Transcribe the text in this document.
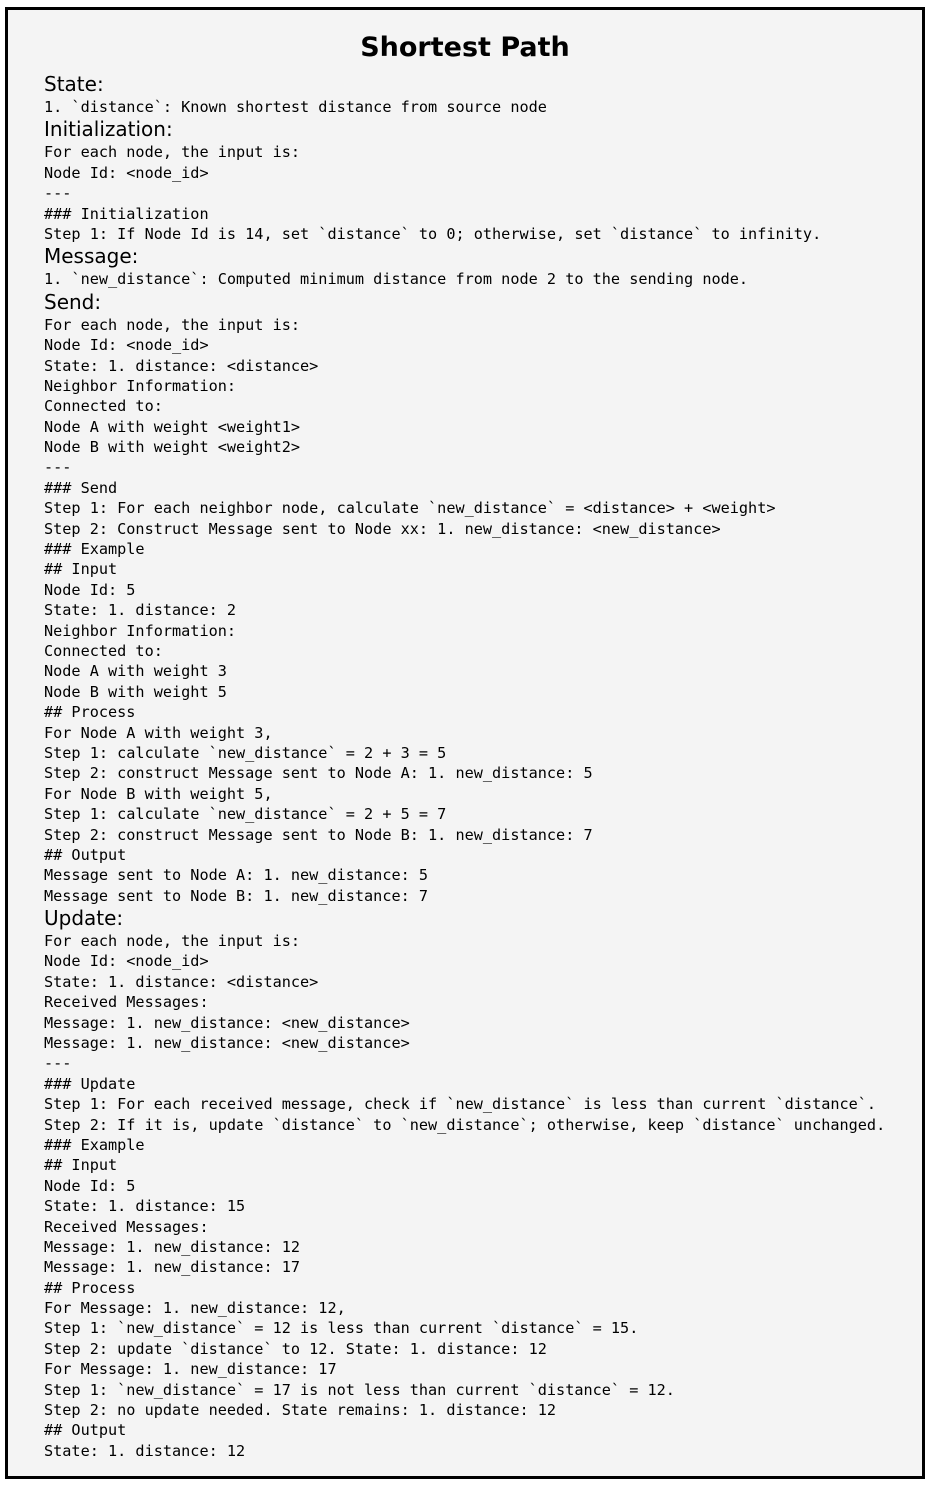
Shortest Path
State:
1. `distance`: Known shortest distance from source node
Initialization:
For each node, the input is:
Node Id: <node_id>
---
### Initialization
Step 1: If Node Id is 14, set `distance` to 0; otherwise, set `distance` to infinity.
Message:
1. `new_distance`: Computed minimum distance from node 2 to the sending node.
Send:
For each node, the input is:
Node Id: <node_id>
State: 1. distance: <distance>
Neighbor Information:
Connected to:
Node A with weight <weight1>
Node B with weight <weight2>
---
### Send
Step 1: For each neighbor node, calculate `new_distance` = <distance> + <weight>
Step 2: Construct Message sent to Node xx: 1. new_distance: <new_distance>
### Example
## Input
Node Id: 5
State: 1. distance: 2
Neighbor Information:
Connected to:
Node A with weight 3
Node B with weight 5
## Process
For Node A with weight 3,
Step 1: calculate `new_distance` = 2 + 3 = 5
Step 2: construct Message sent to Node A: 1. new_distance: 5
For Node B with weight 5,
Step 1: calculate `new_distance` = 2 + 5 = 7
Step 2: construct Message sent to Node B: 1. new_distance: 7
## Output
Message sent to Node A: 1. new_distance: 5
Message sent to Node B: 1. new_distance: 7
Update:
For each node, the input is:
Node Id: <node_id>
State: 1. distance: <distance>
Received Messages:
Message: 1. new_distance: <new_distance>
Message: 1. new_distance: <new_distance>
---
### Update
Step 1: For each received message, check if `new_distance` is less than current `distance`.
Step 2: If it is, update `distance` to `new_distance`; otherwise, keep `distance` unchanged.
### Example
## Input
Node Id: 5
State: 1. distance: 15
Received Messages:
Message: 1. new_distance: 12
Message: 1. new_distance: 17
## Process
For Message: 1. new_distance: 12,
Step 1: `new_distance` = 12 is less than current `distance` = 15.
Step 2: update `distance` to 12. State: 1. distance: 12
For Message: 1. new_distance: 17
Step 1: `new_distance` = 17 is not less than current `distance` = 12.
Step 2: no update needed. State remains: 1. distance: 12
## Output
State: 1. distance: 12
